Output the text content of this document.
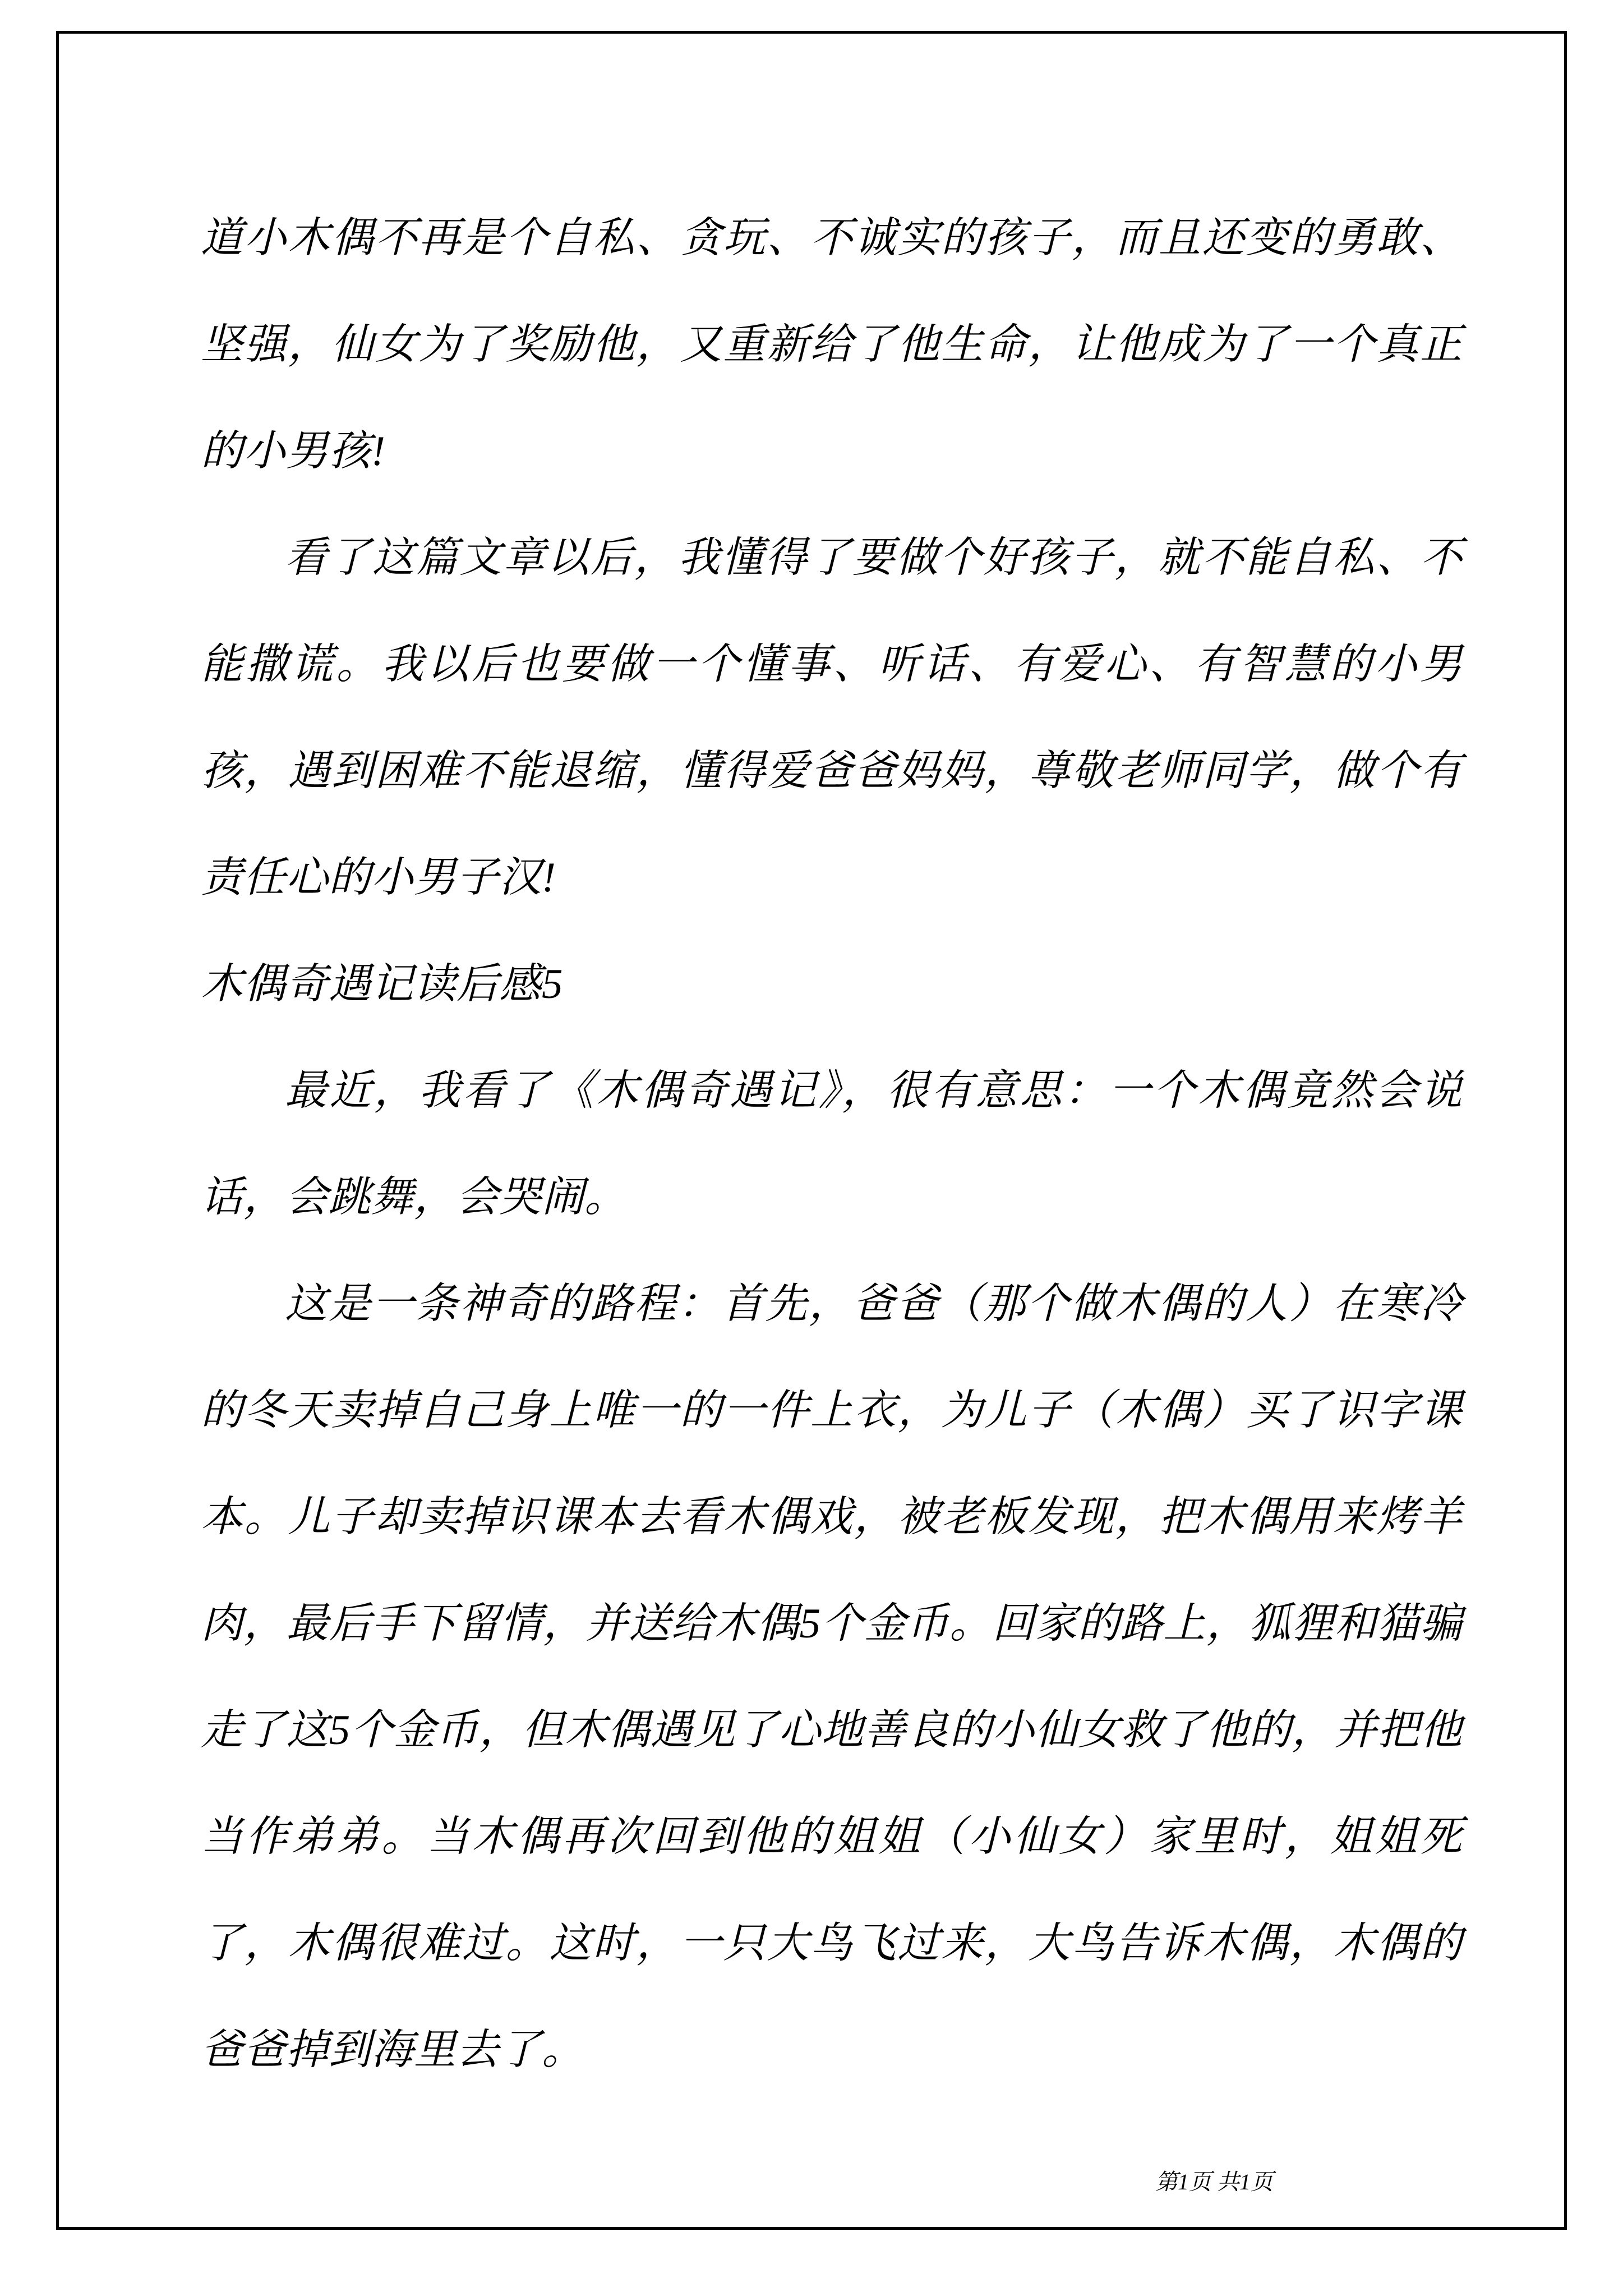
道小木偶不再是个自私、贪玩、不诚实的孩子，而且还变的勇敢、坚强，仙女为了奖励他，又重新给了他生命，让他成为了一个真正的小男孩!

看了这篇文章以后，我懂得了要做个好孩子，就不能自私、不能撒谎。我以后也要做一个懂事、听话、有爱心、有智慧的小男孩，遇到困难不能退缩，懂得爱爸爸妈妈，尊敬老师同学，做个有责任心的小男子汉!

木偶奇遇记读后感5

最近，我看了《木偶奇遇记》，很有意思：一个木偶竟然会说话，会跳舞，会哭闹。

这是一条神奇的路程：首先，爸爸（那个做木偶的人）在寒冷的冬天卖掉自己身上唯一的一件上衣，为儿子（木偶）买了识字课本。儿子却卖掉识课本去看木偶戏，被老板发现，把木偶用来烤羊肉，最后手下留情，并送给木偶5个金币。回家的路上，狐狸和猫骗走了这5个金币，但木偶遇见了心地善良的小仙女救了他的，并把他当作弟弟。当木偶再次回到他的姐姐（小仙女）家里时，姐姐死了，木偶很难过。这时，一只大鸟飞过来，大鸟告诉木偶，木偶的爸爸掉到海里去了。

第1页 共1页
